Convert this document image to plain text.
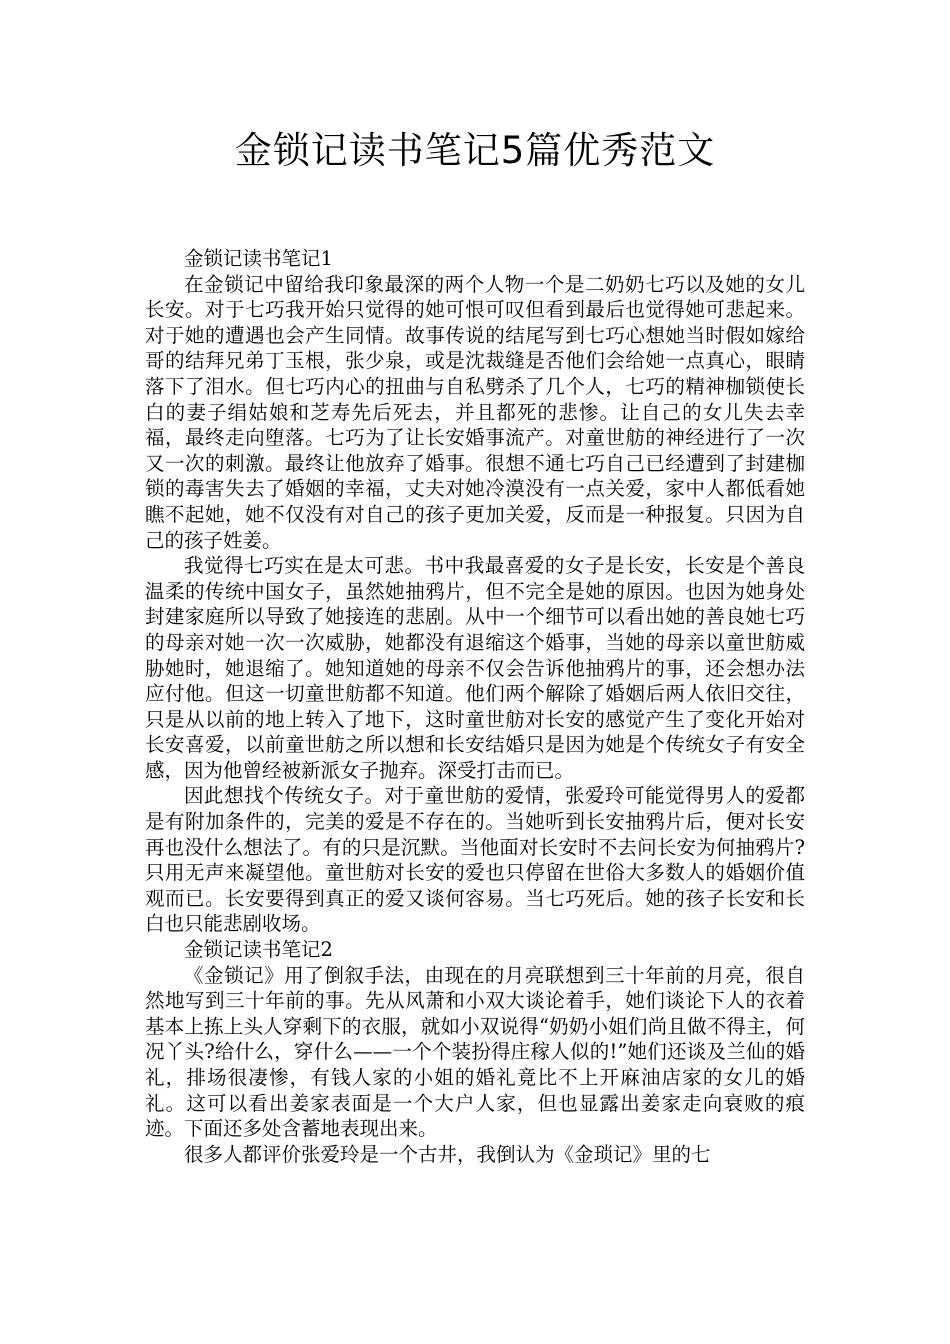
金锁记读书笔记5篇优秀范文

金锁记读书笔记1

在金锁记中留给我印象最深的两个人物一个是二奶奶七巧以及她的女儿长安。对于七巧我开始只觉得的她可恨可叹但看到最后也觉得她可悲起来。对于她的遭遇也会产生同情。故事传说的结尾写到七巧心想她当时假如嫁给哥的结拜兄弟丁玉根，张少泉，或是沈裁缝是否他们会给她一点真心，眼睛落下了泪水。但七巧内心的扭曲与自私劈杀了几个人，七巧的精神枷锁使长白的妻子绢姑娘和芝寿先后死去，并且都死的悲惨。让自己的女儿失去幸福，最终走向堕落。七巧为了让长安婚事流产。对童世舫的神经进行了一次又一次的刺激。最终让他放弃了婚事。很想不通七巧自己已经遭到了封建枷锁的毒害失去了婚姻的幸福，丈夫对她冷漠没有一点关爱，家中人都低看她瞧不起她，她不仅没有对自己的孩子更加关爱，反而是一种报复。只因为自己的孩子姓姜。

我觉得七巧实在是太可悲。书中我最喜爱的女子是长安，长安是个善良温柔的传统中国女子，虽然她抽鸦片，但不完全是她的原因。也因为她身处封建家庭所以导致了她接连的悲剧。从中一个细节可以看出她的善良她七巧的母亲对她一次一次威胁，她都没有退缩这个婚事，当她的母亲以童世舫威胁她时，她退缩了。她知道她的母亲不仅会告诉他抽鸦片的事，还会想办法应付他。但这一切童世舫都不知道。他们两个解除了婚姻后两人依旧交往，只是从以前的地上转入了地下，这时童世舫对长安的感觉产生了变化开始对长安喜爱，以前童世舫之所以想和长安结婚只是因为她是个传统女子有安全感，因为他曾经被新派女子抛弃。深受打击而已。

因此想找个传统女子。对于童世舫的爱情，张爱玲可能觉得男人的爱都是有附加条件的，完美的爱是不存在的。当她听到长安抽鸦片后，便对长安再也没什么想法了。有的只是沉默。当他面对长安时不去问长安为何抽鸦片?只用无声来凝望他。童世舫对长安的爱也只停留在世俗大多数人的婚姻价值观而已。长安要得到真正的爱又谈何容易。当七巧死后。她的孩子长安和长白也只能悲剧收场。

金锁记读书笔记2

《金锁记》用了倒叙手法，由现在的月亮联想到三十年前的月亮，很自然地写到三十年前的事。先从风萧和小双大谈论着手，她们谈论下人的衣着基本上拣上头人穿剩下的衣服，就如小双说得“奶奶小姐们尚且做不得主，何况丫头?给什么，穿什么——一个个装扮得庄稼人似的!”她们还谈及兰仙的婚礼，排场很凄惨，有钱人家的小姐的婚礼竟比不上开麻油店家的女儿的婚礼。这可以看出姜家表面是一个大户人家，但也显露出姜家走向衰败的痕迹。下面还多处含蓄地表现出来。

很多人都评价张爱玲是一个古井，我倒认为《金琐记》里的七
